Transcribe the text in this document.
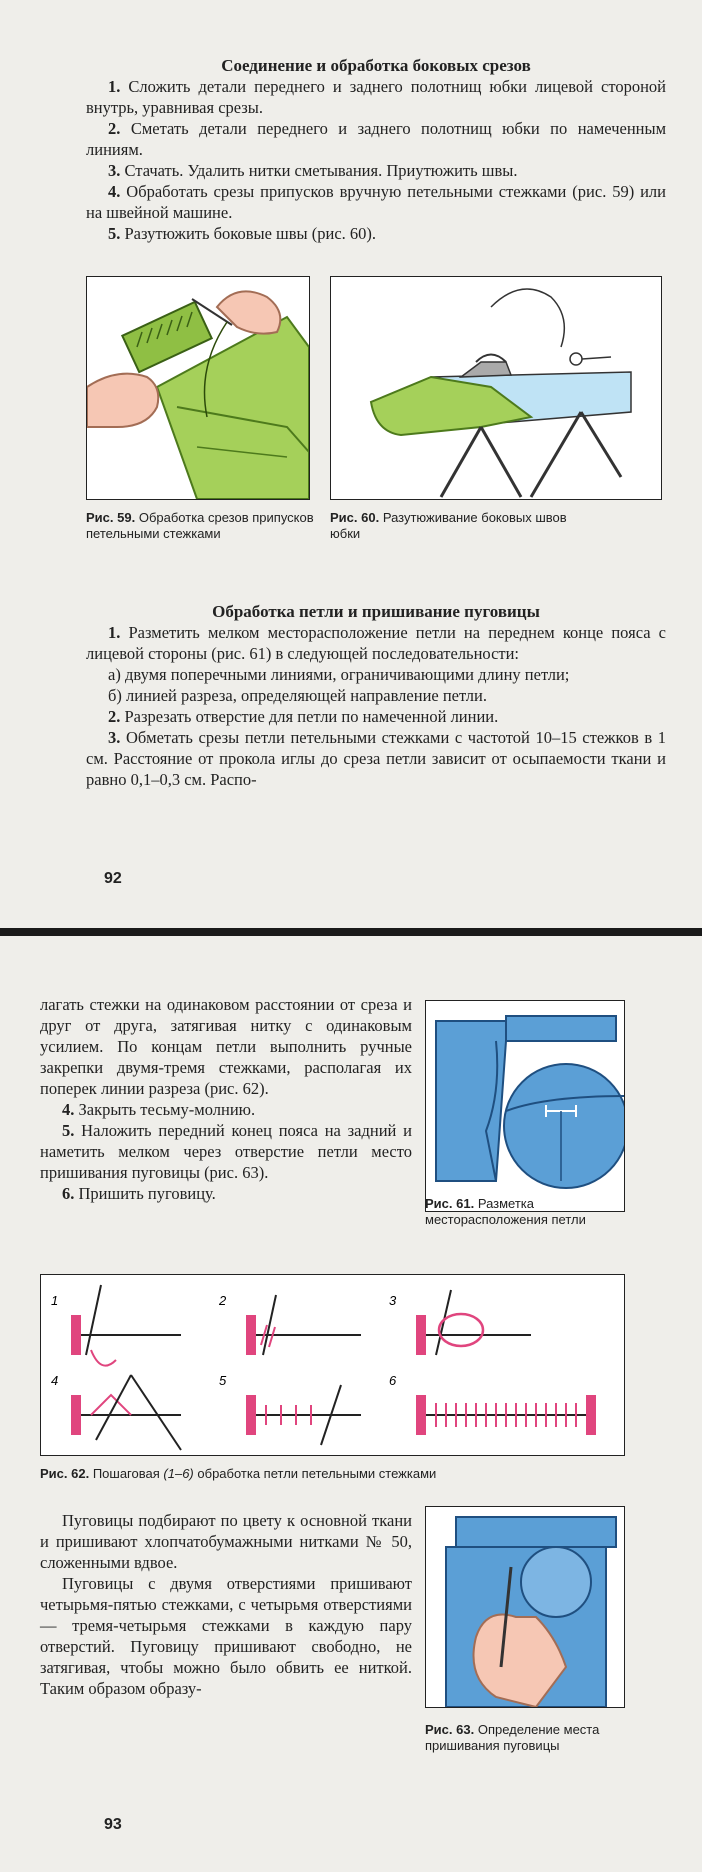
Соединение и обработка боковых срезов

1. Сложить детали переднего и заднего полотнищ юбки лицевой стороной внутрь, уравнивая срезы.

2. Сметать детали переднего и заднего полотнищ юбки по намеченным линиям.

3. Стачать. Удалить нитки сметывания. Приутюжить швы.

4. Обработать срезы припусков вручную петельными стежками (рис. 59) или на швейной машине.

5. Разутюжить боковые швы (рис. 60).

Рис. 59. Обработка срезов припусков петельными стежками
Рис. 60. Разутюживание боковых швов юбки

Обработка петли и пришивание пуговицы

1. Разметить мелком месторасположение петли на переднем конце пояса с лицевой стороны (рис. 61) в следующей последовательности:

а) двумя поперечными линиями, ограничивающими длину петли;

б) линией разреза, определяющей направление петли.

2. Разрезать отверстие для петли по намеченной линии.

3. Обметать срезы петли петельными стежками с частотой 10–15 стежков в 1 см. Расстояние от прокола иглы до среза петли зависит от осыпаемости ткани и равно 0,1–0,3 см. Распо-

92

лагать стежки на одинаковом расстоянии от среза и друг от друга, затягивая нитку с одинаковым усилием. По концам петли выполнить ручные закрепки двумя-тремя стежками, располагая их поперек линии разреза (рис. 62).

4. Закрыть тесьму-молнию.

5. Наложить передний конец пояса на задний и наметить мелком через отверстие петли место пришивания пуговицы (рис. 63).

6. Пришить пуговицу.

Рис. 61. Разметка месторасположения петли
1	2	3
4	5	6
Рис. 62. Пошаговая (1–6) обработка петли петельными стежками

Пуговицы подбирают по цвету к основной ткани и пришивают хлопчатобумажными нитками № 50, сложенными вдвое.

Пуговицы с двумя отверстиями пришивают четырьмя-пятью стежками, с четырьмя отверстиями — тремя-четырьмя стежками в каждую пару отверстий. Пуговицу пришивают свободно, не затягивая, чтобы можно было обвить ее ниткой. Таким образом образу-

Рис. 63. Определение места пришивания пуговицы
93
